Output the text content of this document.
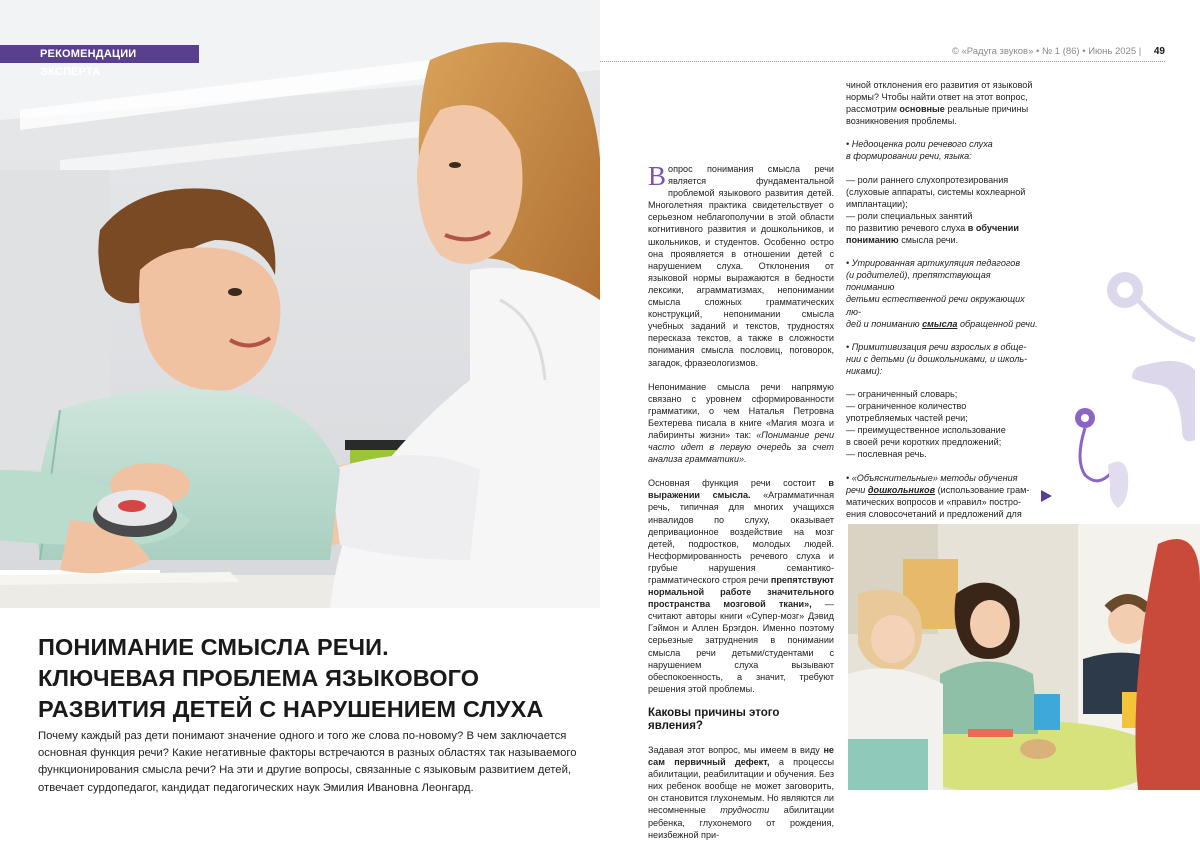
РЕКОМЕНДАЦИИ ЭКСПЕРТА
ПОНИМАНИЕ СМЫСЛА РЕЧИ.
КЛЮЧЕВАЯ ПРОБЛЕМА ЯЗЫКОВОГО
РАЗВИТИЯ ДЕТЕЙ С НАРУШЕНИЕМ СЛУХА

Почему каждый раз дети понимают значение одного и того же слова по-новому? В чем заключается основная функция речи? Какие негативные факторы встречаются в разных областях так называемого функционирования смысла речи? На эти и другие вопросы, связанные с языковым развитием детей, отвечает сурдопедагог, кандидат педагогических наук Эмилия Ивановна Леонгард.

© «Радуга звуков» • № 1 (86) • Июнь 2025 | 49

Вопрос понимания смысла речи является фундаментальной проблемой языкового развития детей. Многолетняя практика свидетельствует о серьезном неблагополучии в этой области когнитивного развития и дошкольников, и школьников, и студентов. Особенно остро она проявляется в отношении детей с нарушением слуха. Отклонения от языковой нормы выражаются в бедности лексики, аграмматизмах, непонимании смысла сложных грамматических конструкций, непонимании смысла учебных заданий и текстов, трудностях пересказа текстов, а также в сложности понимания смысла пословиц, поговорок, загадок, фразеологизмов.

Непонимание смысла речи напрямую связано с уровнем сформированности грамматики, о чем Наталья Петровна Бехтерева писала в книге «Магия мозга и лабиринты жизни» так: «Понимание речи часто идет в первую очередь за счет анализа грамматики».

Основная функция речи состоит в выражении смысла. «Аграмматичная речь, типичная для многих учащихся инвалидов по слуху, оказывает депривационное воздействие на мозг детей, подростков, молодых людей. Несформированность речевого слуха и грубые нарушения семантико-грамматического строя речи препятствуют нормальной работе значительного пространства мозговой ткани», — считают авторы книги «Супер-мозг» Дэвид Гэймон и Аллен Брэгдон. Именно поэтому серьезные затруднения в понимании смысла речи детьми/студентами с нарушением слуха вызывают обеспокоенность, а значит, требуют решения этой проблемы.

Каковы причины этого явления?

Задавая этот вопрос, мы имеем в виду не сам первичный дефект, а процессы абилитации, реабилитации и обучения. Без них ребенок вообще не может заговорить, он становится глухонемым. Но являются ли несомненные трудности абилитации ребенка, глухонемого от рождения, неизбежной при-

чиной отклонения его развития от языковой нормы? Чтобы найти ответ на этот вопрос, рассмотрим основные реальные причины возникновения проблемы.
• Недооценка роли речевого слуха
в формировании речи, языка:
— роли раннего слухопротезирования
(слуховые аппараты, системы кохлеарной
имплантации);
— роли специальных занятий
по развитию речевого слуха в обучении
пониманию смысла речи.
• Утрированная артикуляция педагогов
(и родителей), препятствующая пониманию
детьми естественной речи окружающих лю-
дей и пониманию смысла обращенной речи.
• Примитивизация речи взрослых в обще-
нии с детьми (и дошкольниками, и школь-
никами):
— ограниченный словарь;
— ограниченное количество
употребляемых частей речи;
— преимущественное использование
в своей речи коротких предложений;
— послевная речь.
• «Объяснительные» методы обучения
речи дошкольников (использование грам-
матических вопросов и «правил» постро-
ения словосочетаний и предложений для
